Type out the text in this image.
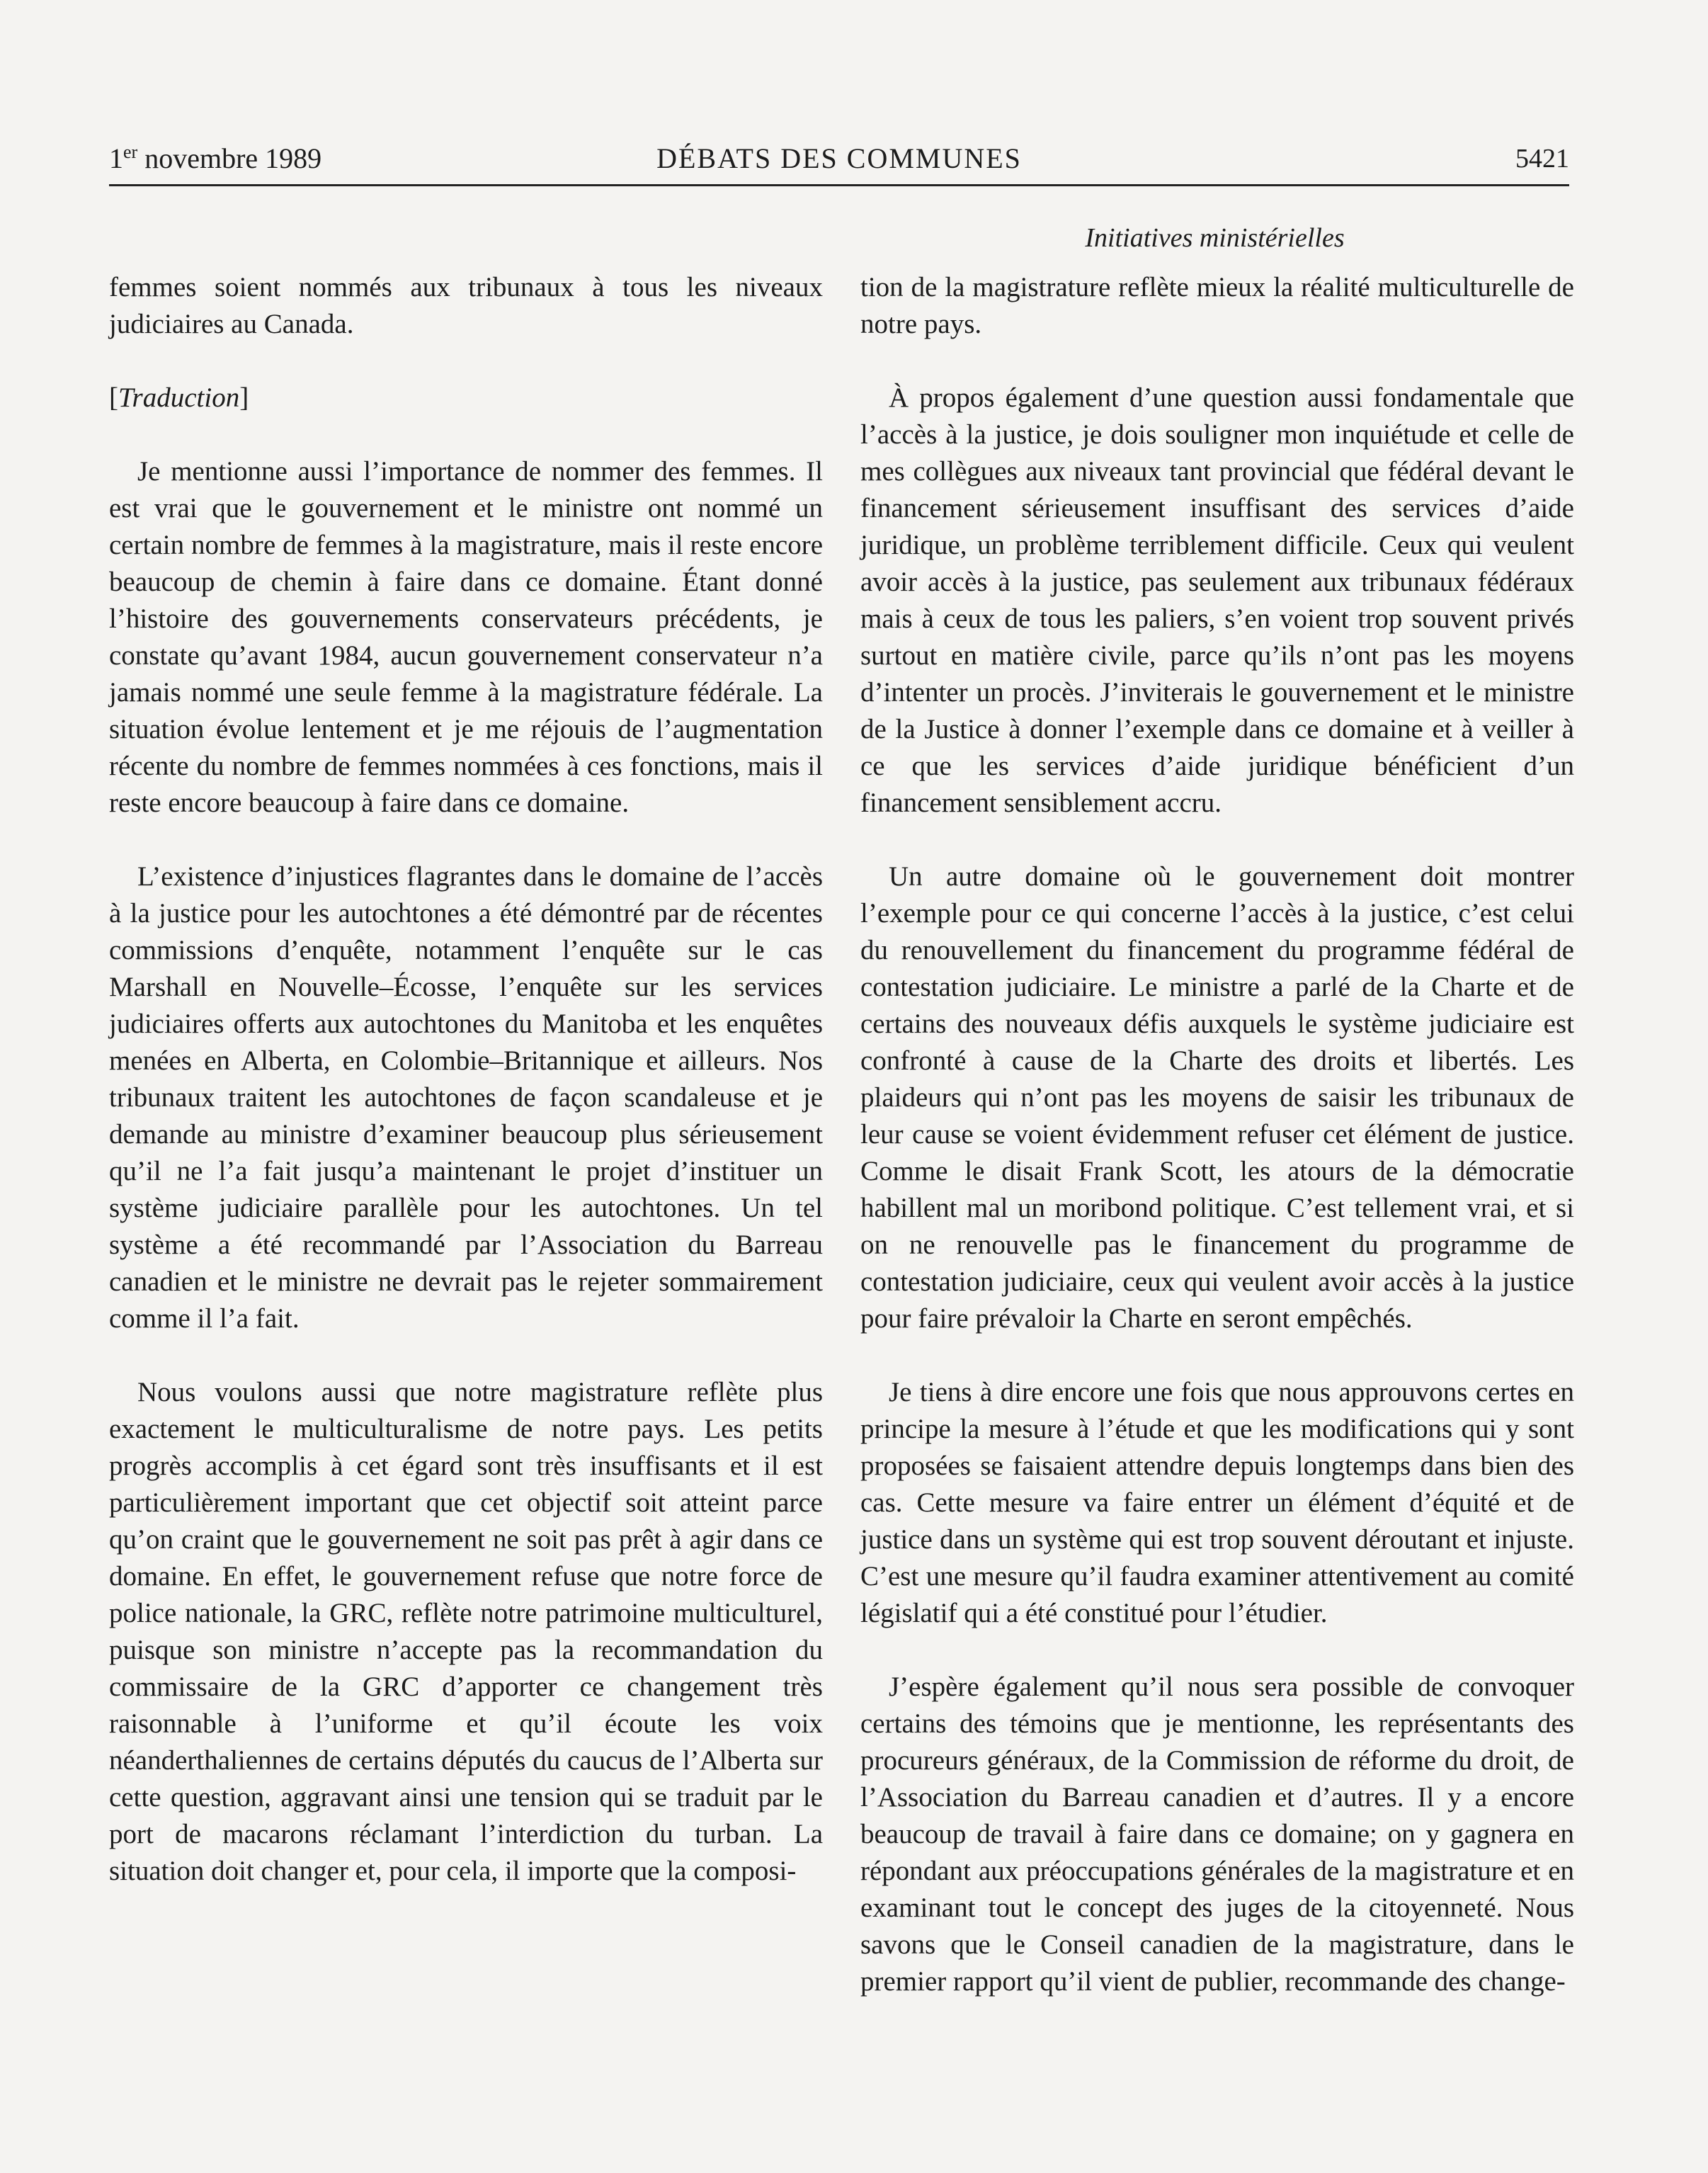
1er novembre 1989	DÉBATS DES COMMUNES	5421
Initiatives ministérielles

femmes soient nommés aux tribunaux à tous les niveaux judiciaires au Canada.

[Traduction]

Je mentionne aussi l’importance de nommer des femmes. Il est vrai que le gouvernement et le ministre ont nommé un certain nombre de femmes à la magistrature, mais il reste encore beaucoup de chemin à faire dans ce domaine. Étant donné l’histoire des gouvernements conservateurs précédents, je constate qu’avant 1984, aucun gouvernement conservateur n’a jamais nommé une seule femme à la magistrature fédérale. La situation évolue lentement et je me réjouis de l’augmentation récente du nombre de femmes nommées à ces fonctions, mais il reste encore beaucoup à faire dans ce domaine.

L’existence d’injustices flagrantes dans le domaine de l’accès à la justice pour les autochtones a été démontré par de récentes commissions d’enquête, notamment l’enquête sur le cas Marshall en Nouvelle–Écosse, l’enquête sur les services judiciaires offerts aux autochtones du Manitoba et les enquêtes menées en Alberta, en Colombie–Britannique et ailleurs. Nos tribunaux traitent les autochtones de façon scandaleuse et je demande au ministre d’examiner beaucoup plus sérieusement qu’il ne l’a fait jusqu’a maintenant le projet d’instituer un système judiciaire parallèle pour les autochtones. Un tel système a été recommandé par l’Association du Barreau canadien et le ministre ne devrait pas le rejeter sommairement comme il l’a fait.

Nous voulons aussi que notre magistrature reflète plus exactement le multiculturalisme de notre pays. Les petits progrès accomplis à cet égard sont très insuffisants et il est particulièrement important que cet objectif soit atteint parce qu’on craint que le gouvernement ne soit pas prêt à agir dans ce domaine. En effet, le gouvernement refuse que notre force de police nationale, la GRC, reflète notre patrimoine multiculturel, puisque son ministre n’accepte pas la recommandation du commissaire de la GRC d’apporter ce changement très raisonnable à l’uniforme et qu’il écoute les voix néanderthaliennes de certains députés du caucus de l’Alberta sur cette question, aggravant ainsi une tension qui se traduit par le port de macarons réclamant l’interdiction du turban. La situation doit changer et, pour cela, il importe que la composi-

tion de la magistrature reflète mieux la réalité multiculturelle de notre pays.

À propos également d’une question aussi fondamentale que l’accès à la justice, je dois souligner mon inquiétude et celle de mes collègues aux niveaux tant provincial que fédéral devant le financement sérieusement insuffisant des services d’aide juridique, un problème terriblement difficile. Ceux qui veulent avoir accès à la justice, pas seulement aux tribunaux fédéraux mais à ceux de tous les paliers, s’en voient trop souvent privés surtout en matière civile, parce qu’ils n’ont pas les moyens d’intenter un procès. J’inviterais le gouvernement et le ministre de la Justice à donner l’exemple dans ce domaine et à veiller à ce que les services d’aide juridique bénéficient d’un financement sensiblement accru.

Un autre domaine où le gouvernement doit montrer l’exemple pour ce qui concerne l’accès à la justice, c’est celui du renouvellement du financement du programme fédéral de contestation judiciaire. Le ministre a parlé de la Charte et de certains des nouveaux défis auxquels le système judiciaire est confronté à cause de la Charte des droits et libertés. Les plaideurs qui n’ont pas les moyens de saisir les tribunaux de leur cause se voient évidemment refuser cet élément de justice. Comme le disait Frank Scott, les atours de la démocratie habillent mal un moribond politique. C’est tellement vrai, et si on ne renouvelle pas le financement du programme de contestation judiciaire, ceux qui veulent avoir accès à la justice pour faire prévaloir la Charte en seront empêchés.

Je tiens à dire encore une fois que nous approuvons certes en principe la mesure à l’étude et que les modifications qui y sont proposées se faisaient attendre depuis longtemps dans bien des cas. Cette mesure va faire entrer un élément d’équité et de justice dans un système qui est trop souvent déroutant et injuste. C’est une mesure qu’il faudra examiner attentivement au comité législatif qui a été constitué pour l’étudier.

J’espère également qu’il nous sera possible de convoquer certains des témoins que je mentionne, les représentants des procureurs généraux, de la Commission de réforme du droit, de l’Association du Barreau canadien et d’autres. Il y a encore beaucoup de travail à faire dans ce domaine; on y gagnera en répondant aux préoccupations générales de la magistrature et en examinant tout le concept des juges de la citoyenneté. Nous savons que le Conseil canadien de la magistrature, dans le premier rapport qu’il vient de publier, recommande des change-
